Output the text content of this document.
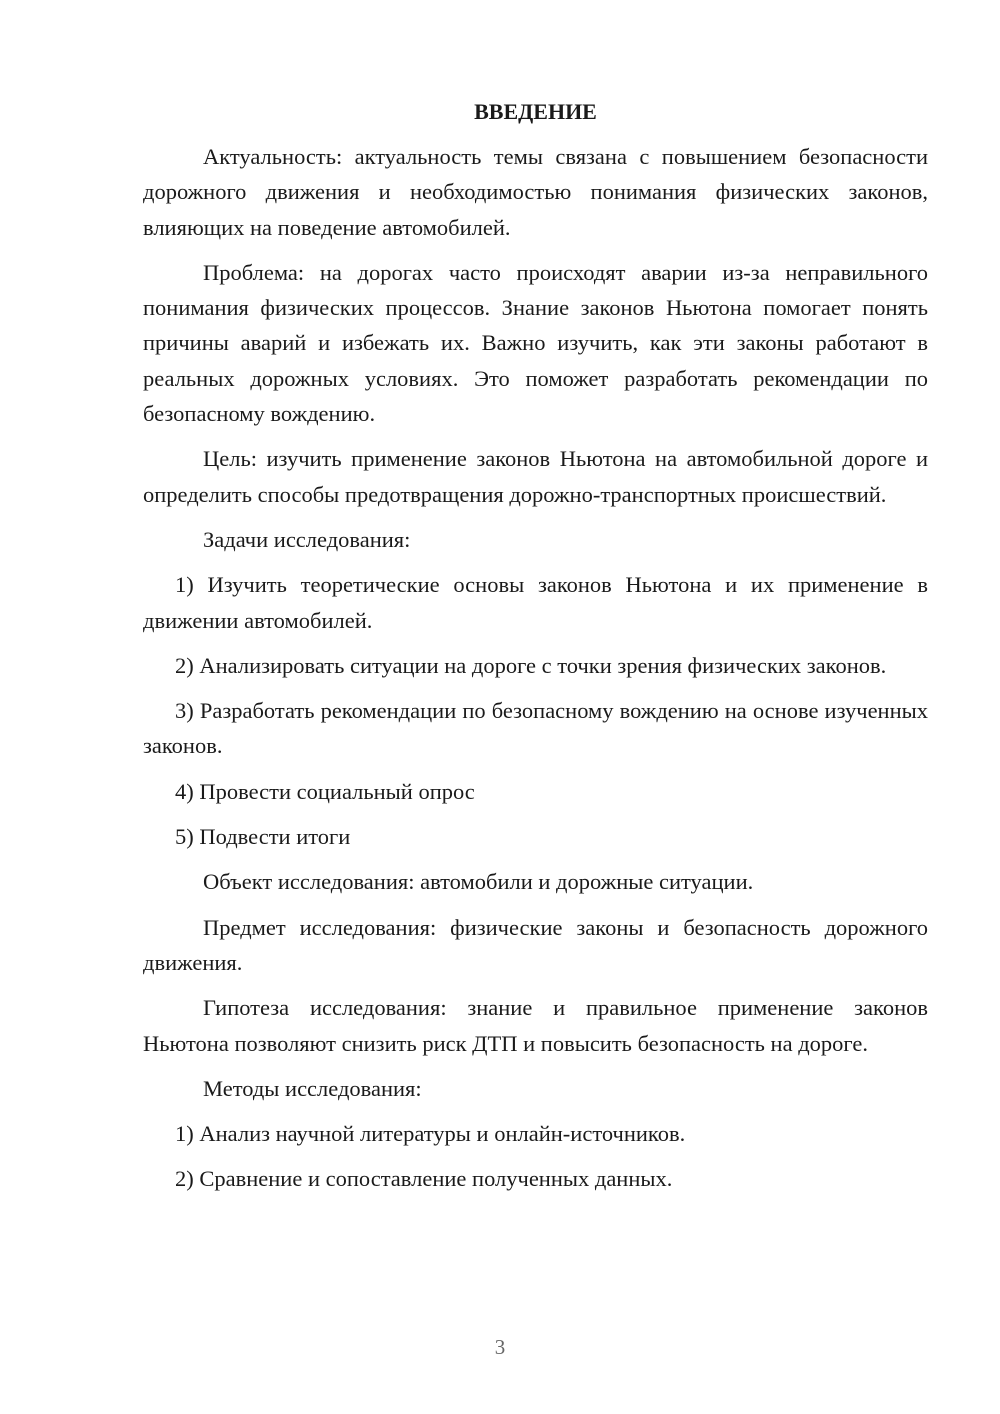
ВВЕДЕНИЕ

Актуальность: актуальность темы связана с повышением безопасности дорожного движения и необходимостью понимания физических законов, влияющих на поведение автомобилей.

Проблема: на дорогах часто происходят аварии из-за неправильного понимания физических процессов. Знание законов Ньютона помогает понять причины аварий и избежать их. Важно изучить, как эти законы работают в реальных дорожных условиях. Это поможет разработать рекомендации по безопасному вождению.

Цель: изучить применение законов Ньютона на автомобильной дороге и определить способы предотвращения дорожно-транспортных происшествий.

Задачи исследования:

1) Изучить теоретические основы законов Ньютона и их применение в движении автомобилей.

2) Анализировать ситуации на дороге с точки зрения физических законов.

3) Разработать рекомендации по безопасному вождению на основе изученных законов.

4) Провести социальный опрос

5) Подвести итоги

Объект исследования: автомобили и дорожные ситуации.

Предмет исследования: физические законы и безопасность дорожного движения.

Гипотеза исследования: знание и правильное применение законов Ньютона позволяют снизить риск ДТП и повысить безопасность на дороге.

Методы исследования:

1) Анализ научной литературы и онлайн-источников.

2) Сравнение и сопоставление полученных данных.

3
